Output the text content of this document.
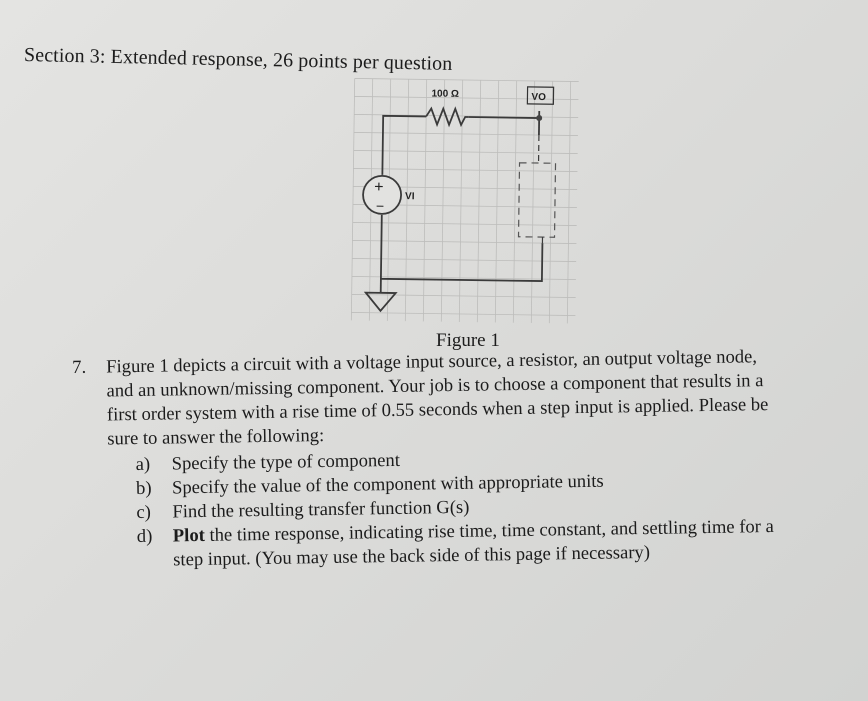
Section 3: Extended response, 26 points per question
100 Ω	VO
+
−
VI
Figure 1
7. Figure 1 depicts a circuit with a voltage input source, a resistor, an output voltage node,
and an unknown/missing component. Your job is to choose a component that results in a
first order system with a rise time of 0.55 seconds when a step input is applied. Please be
sure to answer the following:
a) Specify the type of component
b) Specify the value of the component with appropriate units
c) Find the resulting transfer function G(s)
d) Plot the time response, indicating rise time, time constant, and settling time for a
step input. (You may use the back side of this page if necessary)
